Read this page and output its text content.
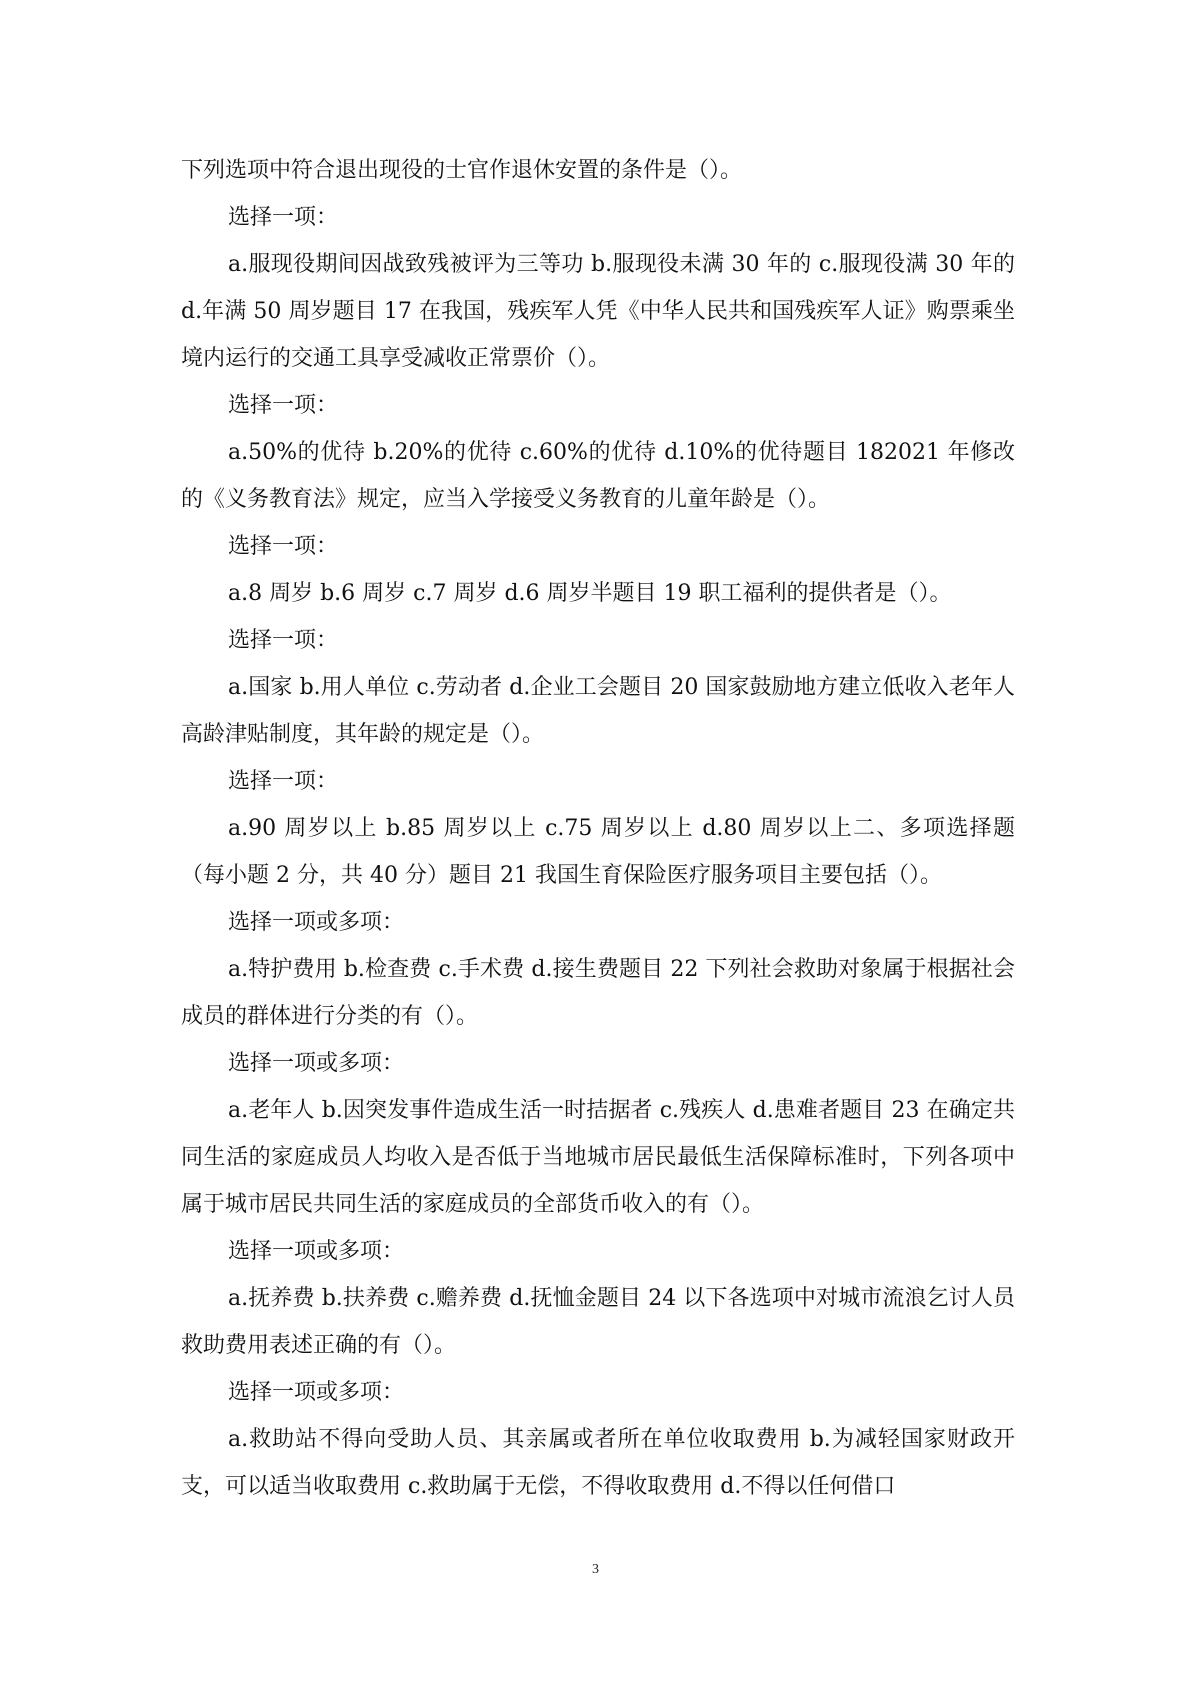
下列选项中符合退出现役的士官作退休安置的条件是（）。

选择一项：

a.服现役期间因战致残被评为三等功 b.服现役未满 30 年的 c.服现役满 30 年的 d.年满 50 周岁题目 17 在我国，残疾军人凭《中华人民共和国残疾军人证》购票乘坐境内运行的交通工具享受减收正常票价（）。

选择一项：

a.50%的优待 b.20%的优待 c.60%的优待 d.10%的优待题目 182021 年修改的《义务教育法》规定，应当入学接受义务教育的儿童年龄是（）。

选择一项：

a.8 周岁 b.6 周岁 c.7 周岁 d.6 周岁半题目 19 职工福利的提供者是（）。

选择一项：

a.国家 b.用人单位 c.劳动者 d.企业工会题目 20 国家鼓励地方建立低收入老年人高龄津贴制度，其年龄的规定是（）。

选择一项：

a.90 周岁以上 b.85 周岁以上 c.75 周岁以上 d.80 周岁以上二、多项选择题（每小题 2 分，共 40 分）题目 21 我国生育保险医疗服务项目主要包括（）。

选择一项或多项：

a.特护费用 b.检查费 c.手术费 d.接生费题目 22 下列社会救助对象属于根据社会成员的群体进行分类的有（）。

选择一项或多项：

a.老年人 b.因突发事件造成生活一时拮据者 c.残疾人 d.患难者题目 23 在确定共同生活的家庭成员人均收入是否低于当地城市居民最低生活保障标准时，下列各项中属于城市居民共同生活的家庭成员的全部货币收入的有（）。

选择一项或多项：

a.抚养费 b.扶养费 c.赡养费 d.抚恤金题目 24 以下各选项中对城市流浪乞讨人员救助费用表述正确的有（）。

选择一项或多项：

a.救助站不得向受助人员、其亲属或者所在单位收取费用 b.为减轻国家财政开支，可以适当收取费用 c.救助属于无偿，不得收取费用 d.不得以任何借口

3
